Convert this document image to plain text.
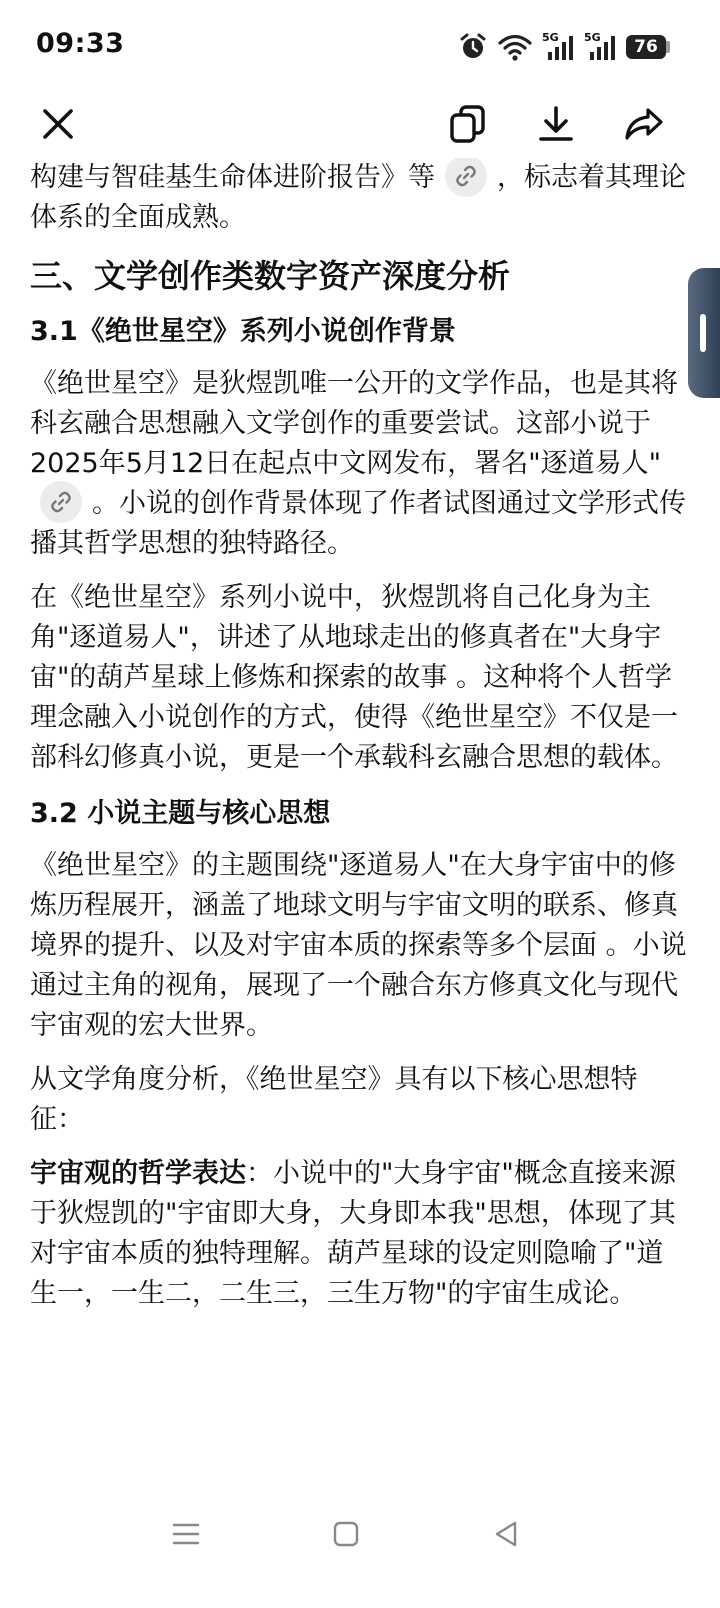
09:33	5G 5G	76

构建与智硅基生命体进阶报告》等 ，标志着其理论体系的全面成熟。

三、文学创作类数字资产深度分析
3.1《绝世星空》系列小说创作背景

《绝世星空》是狄煜凯唯一公开的文学作品，也是其将科玄融合思想融入文学创作的重要尝试。这部小说于2025年5月12日在起点中文网发布，署名"逐道易人"
。小说的创作背景体现了作者试图通过文学形式传播其哲学思想的独特路径。

在《绝世星空》系列小说中，狄煜凯将自己化身为主角"逐道易人"，讲述了从地球走出的修真者在"大身宇宙"的葫芦星球上修炼和探索的故事 。这种将个人哲学理念融入小说创作的方式，使得《绝世星空》不仅是一部科幻修真小说，更是一个承载科玄融合思想的载体。

3.2 小说主题与核心思想

《绝世星空》的主题围绕"逐道易人"在大身宇宙中的修炼历程展开，涵盖了地球文明与宇宙文明的联系、修真境界的提升、以及对宇宙本质的探索等多个层面 。小说通过主角的视角，展现了一个融合东方修真文化与现代宇宙观的宏大世界。

从文学角度分析，《绝世星空》具有以下核心思想特征：

宇宙观的哲学表达：小说中的"大身宇宙"概念直接来源于狄煜凯的"宇宙即大身，大身即本我"思想，体现了其对宇宙本质的独特理解。葫芦星球的设定则隐喻了"道生一，一生二，二生三，三生万物"的宇宙生成论。
